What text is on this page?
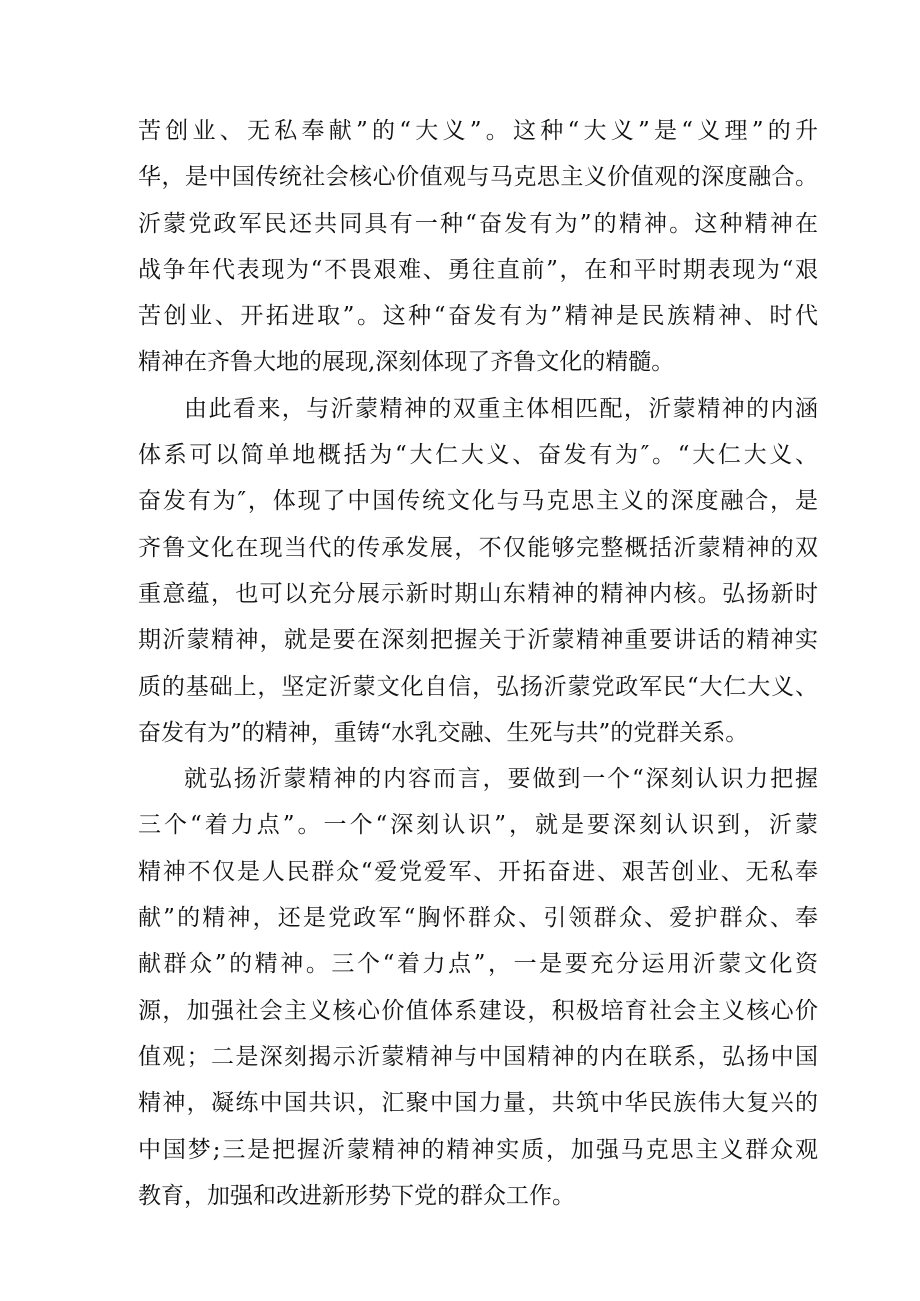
苦创业、无私奉献”的“大义”。这种“大义”是“义理”的升
华，是中国传统社会核心价值观与马克思主义价值观的深度融合。
沂蒙党政军民还共同具有一种“奋发有为”的精神。这种精神在
战争年代表现为“不畏艰难、勇往直前”，在和平时期表现为“艰
苦创业、开拓进取”。这种“奋发有为”精神是民族精神、时代
精神在齐鲁大地的展现,深刻体现了齐鲁文化的精髓。
由此看来，与沂蒙精神的双重主体相匹配，沂蒙精神的内涵
体系可以简单地概括为“大仁大义、奋发有为″。“大仁大义、
奋发有为″，体现了中国传统文化与马克思主义的深度融合，是
齐鲁文化在现当代的传承发展，不仅能够完整概括沂蒙精神的双
重意蕴，也可以充分展示新时期山东精神的精神内核。弘扬新时
期沂蒙精神，就是要在深刻把握关于沂蒙精神重要讲话的精神实
质的基础上，坚定沂蒙文化自信，弘扬沂蒙党政军民“大仁大义、
奋发有为”的精神，重铸“水乳交融、生死与共”的党群关系。
就弘扬沂蒙精神的内容而言，要做到一个“深刻认识力把握
三个“着力点”。一个“深刻认识”，就是要深刻认识到，沂蒙
精神不仅是人民群众“爱党爱军、开拓奋进、艰苦创业、无私奉
献”的精神，还是党政军“胸怀群众、引领群众、爱护群众、奉
献群众”的精神。三个“着力点”，一是要充分运用沂蒙文化资
源，加强社会主义核心价值体系建设，积极培育社会主义核心价
值观；二是深刻揭示沂蒙精神与中国精神的内在联系，弘扬中国
精神，凝练中国共识，汇聚中国力量，共筑中华民族伟大复兴的
中国梦;三是把握沂蒙精神的精神实质，加强马克思主义群众观
教育，加强和改进新形势下党的群众工作。
